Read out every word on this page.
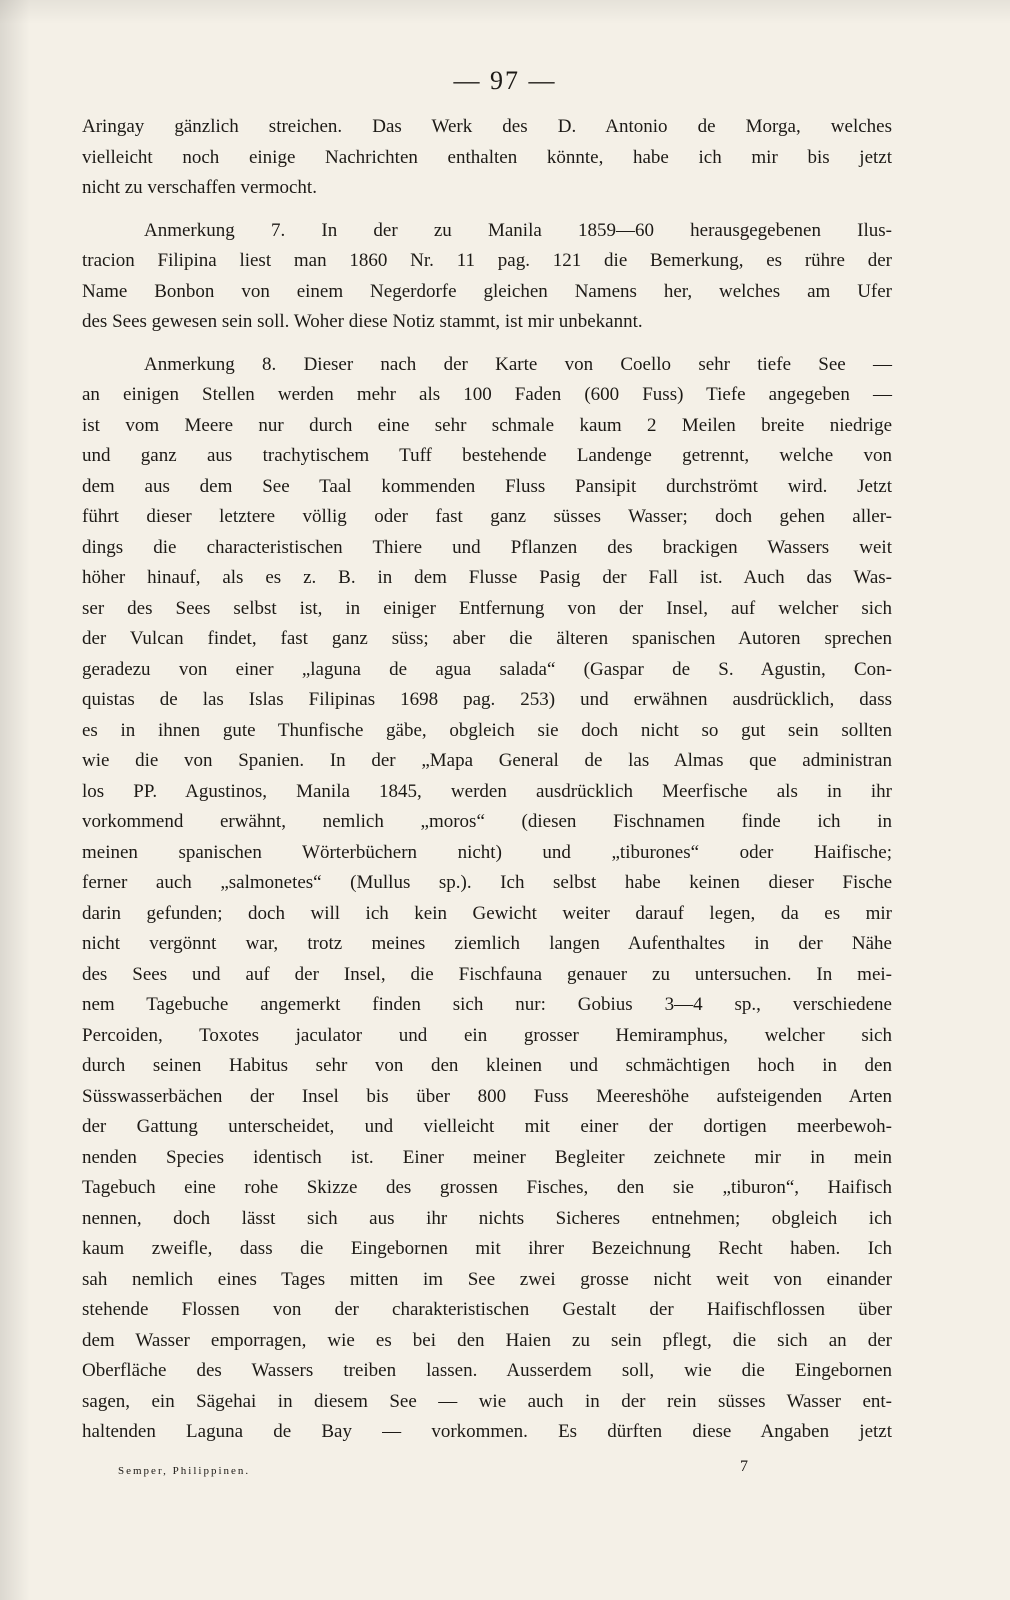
— 97 —
Aringay gänzlich streichen. Das Werk des D. Antonio de Morga, welches
vielleicht noch einige Nachrichten enthalten könnte, habe ich mir bis jetzt
nicht zu verschaffen vermocht.
Anmerkung 7. In der zu Manila 1859—60 herausgegebenen Ilus-
tracion Filipina liest man 1860 Nr. 11 pag. 121 die Bemerkung, es rühre der
Name Bonbon von einem Negerdorfe gleichen Namens her, welches am Ufer
des Sees gewesen sein soll. Woher diese Notiz stammt, ist mir unbekannt.
Anmerkung 8. Dieser nach der Karte von Coello sehr tiefe See —
an einigen Stellen werden mehr als 100 Faden (600 Fuss) Tiefe angegeben —
ist vom Meere nur durch eine sehr schmale kaum 2 Meilen breite niedrige
und ganz aus trachytischem Tuff bestehende Landenge getrennt, welche von
dem aus dem See Taal kommenden Fluss Pansipit durchströmt wird. Jetzt
führt dieser letztere völlig oder fast ganz süsses Wasser; doch gehen aller-
dings die characteristischen Thiere und Pflanzen des brackigen Wassers weit
höher hinauf, als es z. B. in dem Flusse Pasig der Fall ist. Auch das Was-
ser des Sees selbst ist, in einiger Entfernung von der Insel, auf welcher sich
der Vulcan findet, fast ganz süss; aber die älteren spanischen Autoren sprechen
geradezu von einer „laguna de agua salada“ (Gaspar de S. Agustin, Con-
quistas de las Islas Filipinas 1698 pag. 253) und erwähnen ausdrücklich, dass
es in ihnen gute Thunfische gäbe, obgleich sie doch nicht so gut sein sollten
wie die von Spanien. In der „Mapa General de las Almas que administran
los PP. Agustinos, Manila 1845, werden ausdrücklich Meerfische als in ihr
vorkommend erwähnt, nemlich „moros“ (diesen Fischnamen finde ich in
meinen spanischen Wörterbüchern nicht) und „tiburones“ oder Haifische;
ferner auch „salmonetes“ (Mullus sp.). Ich selbst habe keinen dieser Fische
darin gefunden; doch will ich kein Gewicht weiter darauf legen, da es mir
nicht vergönnt war, trotz meines ziemlich langen Aufenthaltes in der Nähe
des Sees und auf der Insel, die Fischfauna genauer zu untersuchen. In mei-
nem Tagebuche angemerkt finden sich nur: Gobius 3—4 sp., verschiedene
Percoiden, Toxotes jaculator und ein grosser Hemiramphus, welcher sich
durch seinen Habitus sehr von den kleinen und schmächtigen hoch in den
Süsswasserbächen der Insel bis über 800 Fuss Meereshöhe aufsteigenden Arten
der Gattung unterscheidet, und vielleicht mit einer der dortigen meerbewoh-
nenden Species identisch ist. Einer meiner Begleiter zeichnete mir in mein
Tagebuch eine rohe Skizze des grossen Fisches, den sie „tiburon“, Haifisch
nennen, doch lässt sich aus ihr nichts Sicheres entnehmen; obgleich ich
kaum zweifle, dass die Eingebornen mit ihrer Bezeichnung Recht haben. Ich
sah nemlich eines Tages mitten im See zwei grosse nicht weit von einander
stehende Flossen von der charakteristischen Gestalt der Haifischflossen über
dem Wasser emporragen, wie es bei den Haien zu sein pflegt, die sich an der
Oberfläche des Wassers treiben lassen. Ausserdem soll, wie die Eingebornen
sagen, ein Sägehai in diesem See — wie auch in der rein süsses Wasser ent-
haltenden Laguna de Bay — vorkommen. Es dürften diese Angaben jetzt
Semper, Philippinen.	7
